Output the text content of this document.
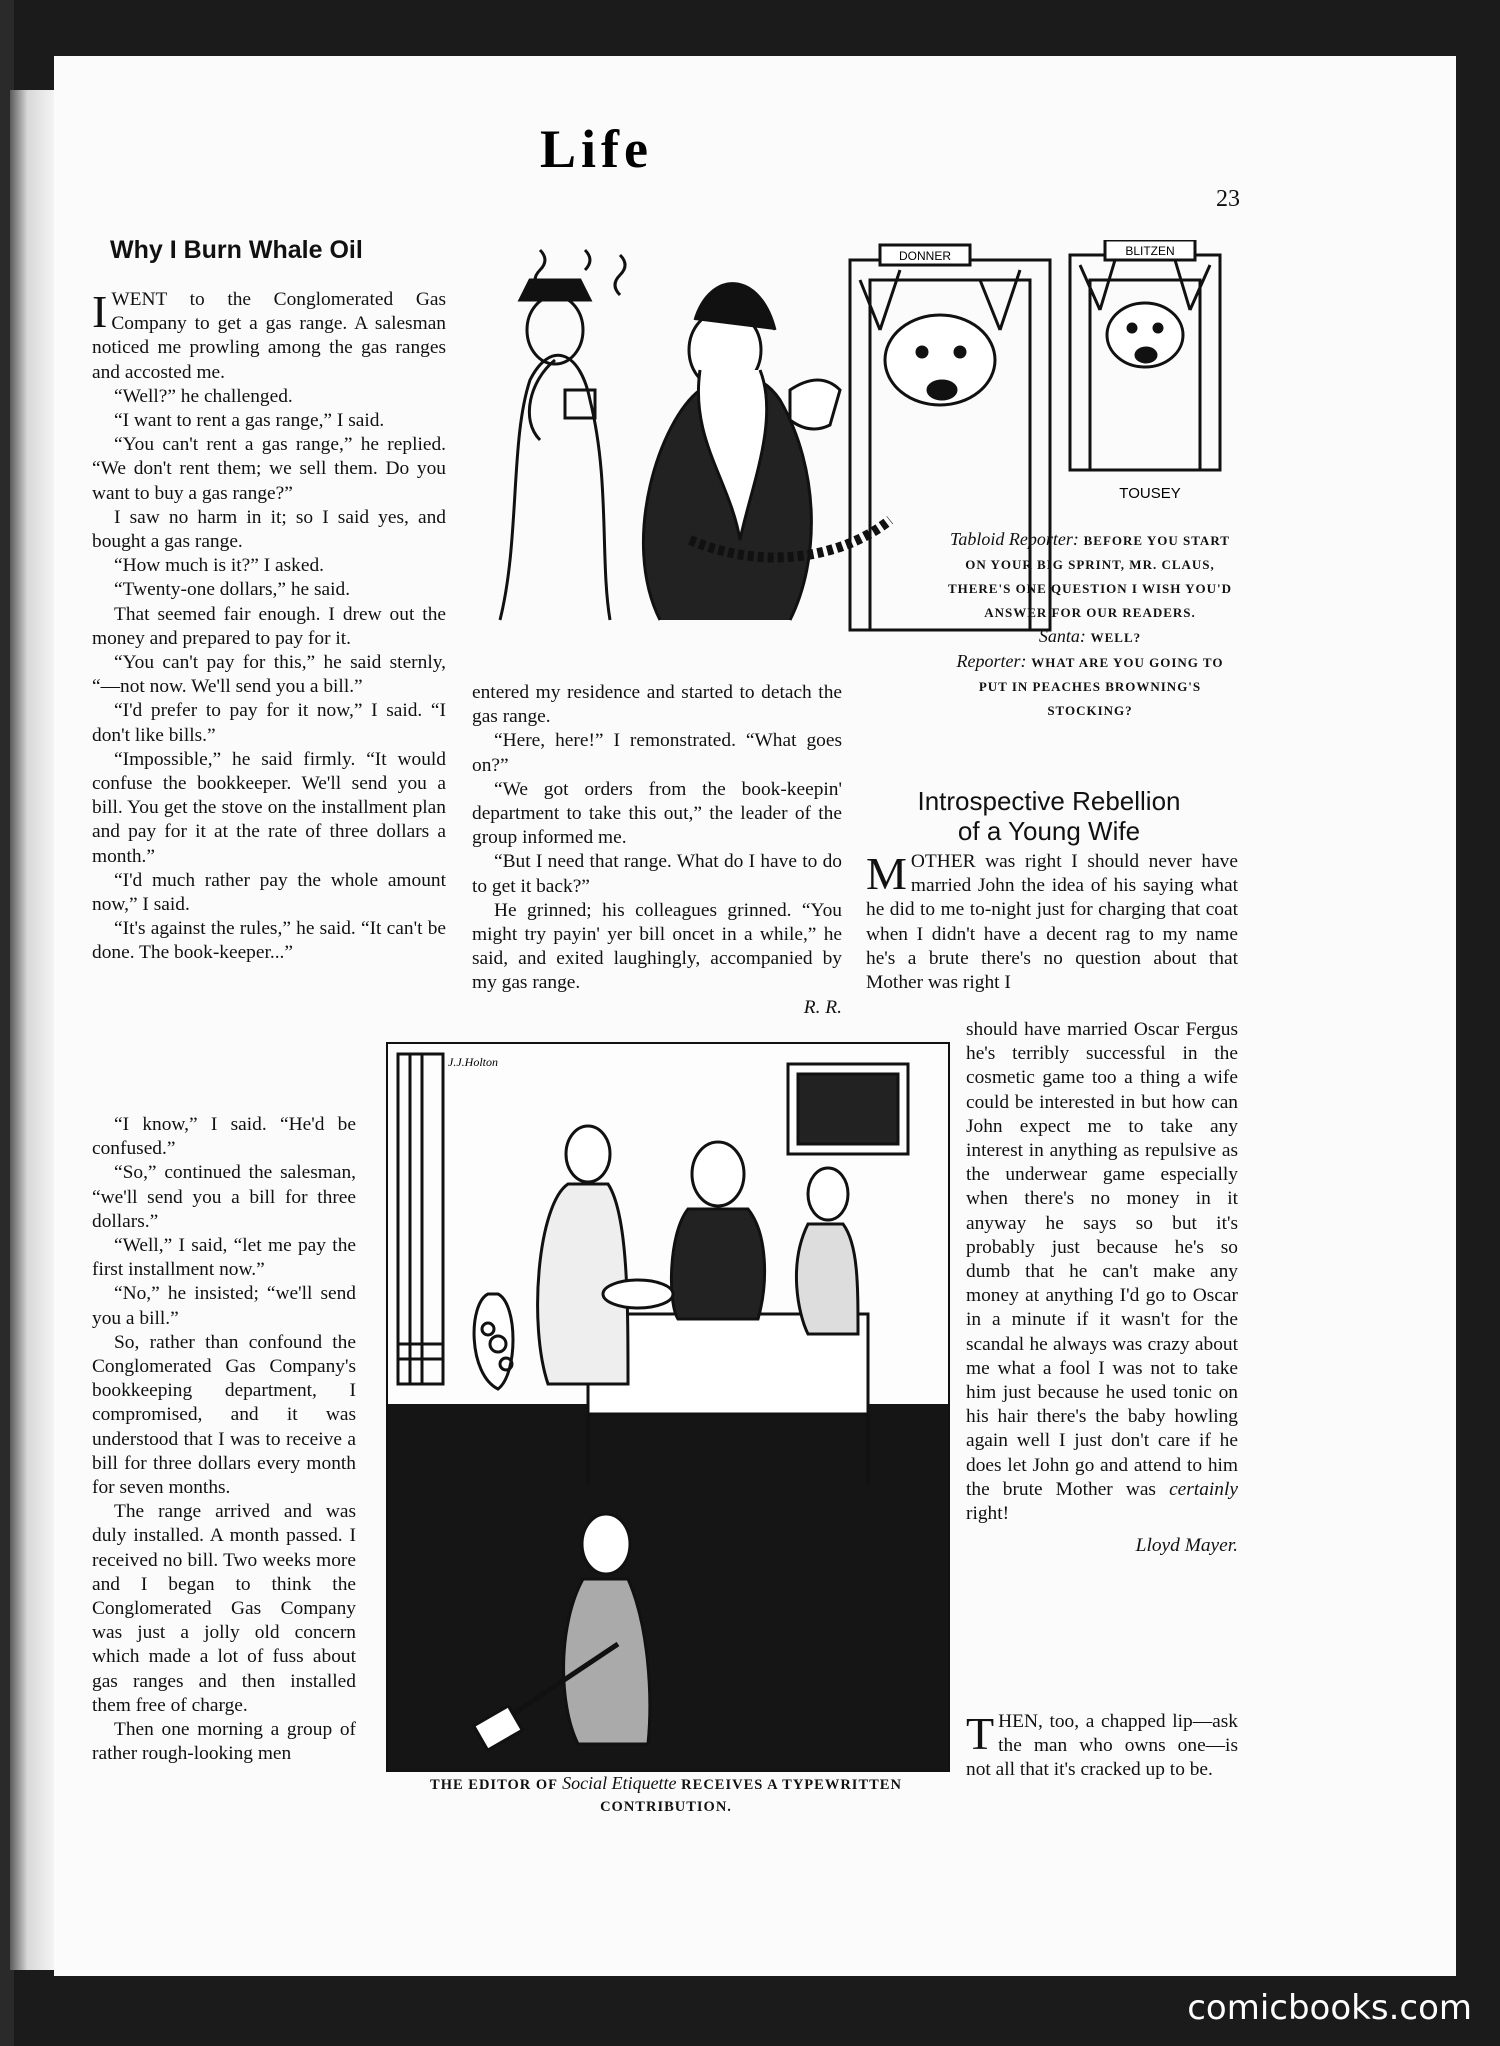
Life
23
Why I Burn Whale Oil

I WENT to the Conglomerated Gas Company to get a gas range. A salesman noticed me prowling among the gas ranges and accosted me.

“Well?” he challenged.

“I want to rent a gas range,” I said.

“You can't rent a gas range,” he replied. “We don't rent them; we sell them. Do you want to buy a gas range?”

I saw no harm in it; so I said yes, and bought a gas range.

“How much is it?” I asked.

“Twenty-one dollars,” he said.

That seemed fair enough. I drew out the money and prepared to pay for it.

“You can't pay for this,” he said sternly, “—not now. We'll send you a bill.”

“I'd prefer to pay for it now,” I said. “I don't like bills.”

“Impossible,” he said firmly. “It would confuse the bookkeeper. We'll send you a bill. You get the stove on the installment plan and pay for it at the rate of three dollars a month.”

“I'd much rather pay the whole amount now,” I said.

“It's against the rules,” he said. “It can't be done. The book-keeper...”

“I know,” I said. “He'd be confused.”

“So,” continued the salesman, “we'll send you a bill for three dollars.”

“Well,” I said, “let me pay the first installment now.”

“No,” he insisted; “we'll send you a bill.”

So, rather than confound the Conglomerated Gas Company's bookkeeping department, I compromised, and it was understood that I was to receive a bill for three dollars every month for seven months.

The range arrived and was duly installed. A month passed. I received no bill. Two weeks more and I began to think the Conglomerated Gas Company was just a jolly old concern which made a lot of fuss about gas ranges and then installed them free of charge.

Then one morning a group of rather rough-looking men

entered my residence and started to detach the gas range.

“Here, here!” I remonstrated. “What goes on?”

“We got orders from the book-keepin' department to take this out,” the leader of the group informed me.

“But I need that range. What do I have to do to get it back?”

He grinned; his colleagues grinned. “You might try payin' yer bill oncet in a while,” he said, and exited laughingly, accompanied by my gas range.

R. R.

DONNER	BLITZEN
TOUSEY
Tabloid Reporter: BEFORE YOU START ON YOUR BIG SPRINT, MR. CLAUS, THERE'S ONE QUESTION I WISH YOU'D ANSWER FOR OUR READERS.
Santa: WELL?
Reporter: WHAT ARE YOU GOING TO PUT IN PEACHES BROWNING'S STOCKING?

Introspective Rebellion

of a Young Wife

MOTHER was right I should never have married John the idea of his saying what he did to me to-night just for charging that coat when I didn't have a decent rag to my name he's a brute there's no question about that Mother was right I

should have married Oscar Fergus he's terribly successful in the cosmetic game too a thing a wife could be interested in but how can John expect me to take any interest in anything as repulsive as the underwear game especially when there's no money in it anyway he says so but it's probably just because he's so dumb that he can't make any money at anything I'd go to Oscar in a minute if it wasn't for the scandal he always was crazy about me what a fool I was not to take him just because he used tonic on his hair there's the baby howling again well I just don't care if he does let John go and attend to him the brute Mother was certainly right!

Lloyd Mayer.

THEN, too, a chapped lip—ask the man who owns one—is not all that it's cracked up to be.

J.J.Holton
THE EDITOR OF Social Etiquette RECEIVES A TYPEWRITTEN CONTRIBUTION.
comicbooks.com
